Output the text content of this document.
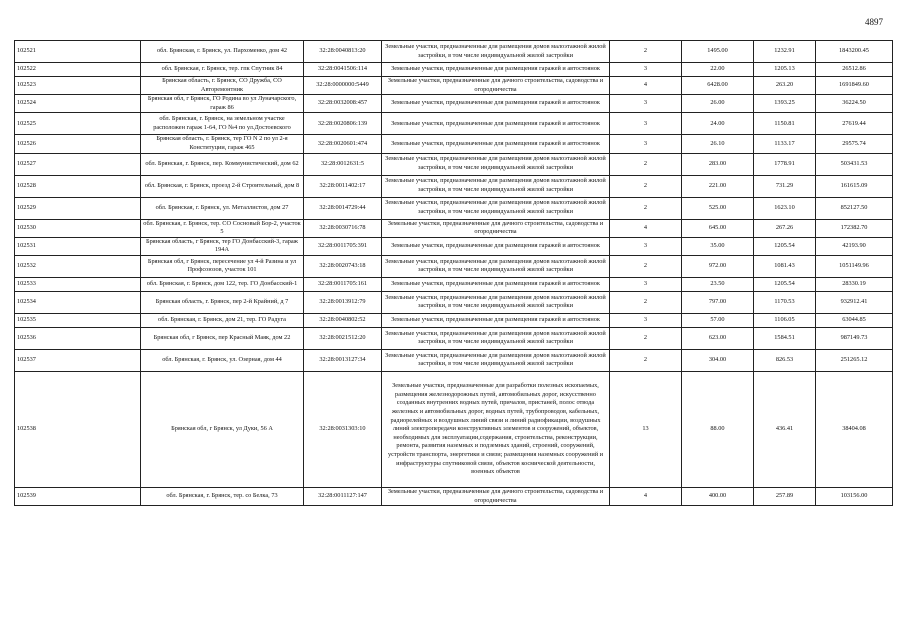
4897
102521	обл. Брянская, г. Брянск, ул. Пархоменко, дом 42	32:28:0040813:20	Земельные участки, предназначенные для размещения домов малоэтажной жилой застройки, в том числе индивидуальной жилой застройки	2	1495.00	1232.91	1843200.45
102522	обл. Брянская, г. Брянск, тер. гпк Спутник 84	32:28:0041506:114	Земельные участки, предназначенные для размещения гаражей и автостоянок	3	22.00	1205.13	26512.86
102523	Брянская область, г. Брянск, СО Дружба, СО Авторемонтник	32:28:0000000:5449	Земельные участки, предназначенные для дачного строительства, садоводства и огородничества	4	6428.00	263.20	1691849.60
102524	Брянская обл, г Брянск, ГО Родина во ул Луначарского, гараж 86	32:28:0032008:457	Земельные участки, предназначенные для размещения гаражей и автостоянок	3	26.00	1393.25	36224.50
102525	обл. Брянская, г. Брянск, на земельном участке расположен гараж 1-64, ГО №4 по ул.Достоевского	32:28:0020806:139	Земельные участки, предназначенные для размещения гаражей и автостоянок	3	24.00	1150.81	27619.44
102526	Брянская область, г. Брянск, тер ГО N 2 по ул 2-я Конституции, гараж 465	32:28:0020601:474	Земельные участки, предназначенные для размещения гаражей и автостоянок	3	26.10	1133.17	29575.74
102527	обл. Брянская, г. Брянск, пер. Коммунистический, дом 62	32:28:0012631:5	Земельные участки, предназначенные для размещения домов малоэтажной жилой застройки, в том числе индивидуальной жилой застройки	2	283.00	1778.91	503431.53
102528	обл. Брянская, г. Брянск, проезд 2-й Строительный, дом 8	32:28:0011402:17	Земельные участки, предназначенные для размещения домов малоэтажной жилой застройки, в том числе индивидуальной жилой застройки	2	221.00	731.29	161615.09
102529	обл. Брянская, г. Брянск, ул. Металлистов, дом 27	32:28:0014729:44	Земельные участки, предназначенные для размещения домов малоэтажной жилой застройки, в том числе индивидуальной жилой застройки	2	525.00	1623.10	852127.50
102530	обл. Брянская, г. Брянск, тер. СО Сосновый Бор-2, участок 5	32:28:0030716:78	Земельные участки, предназначенные для дачного строительства, садоводства и огородничества	4	645.00	267.26	172382.70
102531	Брянская область, г Брянск, тер ГО Донбасский-3, гараж 194А	32:28:0011705:391	Земельные участки, предназначенные для размещения гаражей и автостоянок	3	35.00	1205.54	42193.90
102532	Брянская обл, г Брянск, пересечение ул 4-й Разина и ул Профсоюзов, участок 101	32:28:0020743:18	Земельные участки, предназначенные для размещения домов малоэтажной жилой застройки, в том числе индивидуальной жилой застройки	2	972.00	1081.43	1051149.96
102533	обл. Брянская, г. Брянск, дом 122, тер. ГО Донбасский-1	32:28:0011705:161	Земельные участки, предназначенные для размещения гаражей и автостоянок	3	23.50	1205.54	28330.19
102534	Брянская область, г. Брянск, пер 2-й Крайний, д 7	32:28:0013912:79	Земельные участки, предназначенные для размещения домов малоэтажной жилой застройки, в том числе индивидуальной жилой застройки	2	797.00	1170.53	932912.41
102535	обл. Брянская, г. Брянск, дом 21, тер. ГО Радуга	32:28:0040802:52	Земельные участки, предназначенные для размещения гаражей и автостоянок	3	57.00	1106.05	63044.85
102536	Брянская обл, г Брянск, пер Красный Маяк, дом 22	32:28:0021512:20	Земельные участки, предназначенные для размещения домов малоэтажной жилой застройки, в том числе индивидуальной жилой застройки	2	623.00	1584.51	987149.73
102537	обл. Брянская, г. Брянск, ул. Озерная, дом 44	32:28:0013127:34	Земельные участки, предназначенные для размещения домов малоэтажной жилой застройки, в том числе индивидуальной жилой застройки	2	304.00	826.53	251265.12
102538	Брянская обл, г Брянск, ул Дуки, 56 А	32:28:0031303:10	Земельные участки, предназначенные для разработки полезных ископаемых, размещения железнодорожных путей, автомобильных дорог, искусственно созданных внутренних водных путей, причалов, пристаней, полос отвода железных и автомобильных дорог, водных путей, трубопроводов, кабельных, радиорелейных и воздушных линий связи и линий радиофикации, воздушных линий электропередачи конструктивных элементов и сооружений, объектов, необходимых для эксплуатации,содержания, строительства, реконструкции, ремонта, развития наземных и подземных зданий, строений, сооружений, устройств транспорта, энергетики и связи; размещения наземных сооружений и инфраструктуры спутниковой связи, объектов космической деятельности, военных объектов	13	88.00	436.41	38404.08
102539	обл. Брянская, г. Брянск, тер. со Белка, 73	32:28:0011127:147	Земельные участки, предназначенные для дачного строительства, садоводства и огородничества	4	400.00	257.89	103156.00
